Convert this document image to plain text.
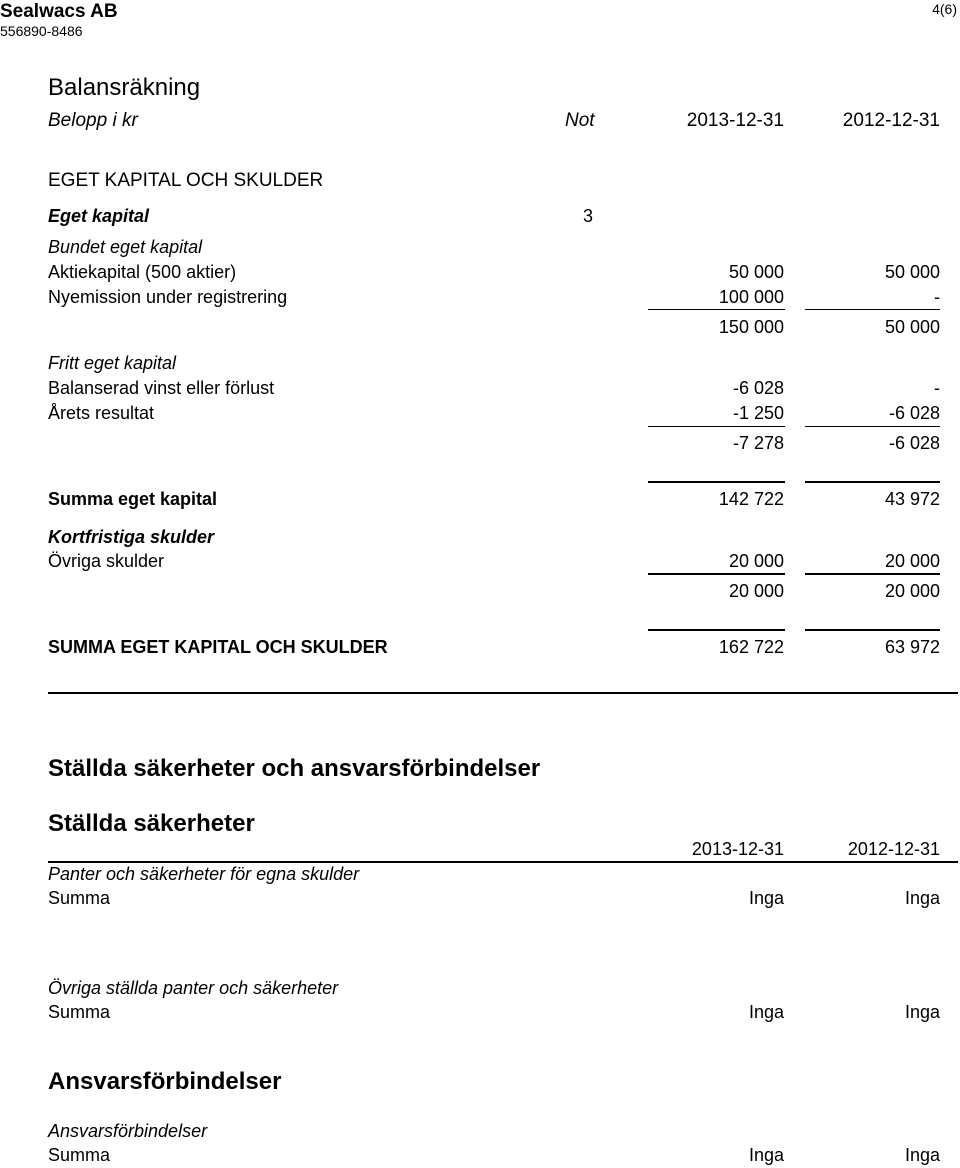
Sealwacs AB
556890-8486
4(6)
Balansräkning
Belopp i kr	Not	2013-12-31	2012-12-31
EGET KAPITAL OCH SKULDER
Eget kapital	3
Bundet eget kapital
Aktiekapital (500 aktier)	50 000	50 000
Nyemission under registrering	100 000	-
150 000	50 000
Fritt eget kapital
Balanserad vinst eller förlust	-6 028	-
Årets resultat	-1 250	-6 028
-7 278	-6 028
Summa eget kapital	142 722	43 972
Kortfristiga skulder
Övriga skulder	20 000	20 000
20 000	20 000
SUMMA EGET KAPITAL OCH SKULDER	162 722	63 972
Ställda säkerheter och ansvarsförbindelser
Ställda säkerheter
2013-12-31	2012-12-31
Panter och säkerheter för egna skulder
Summa	Inga	Inga
Övriga ställda panter och säkerheter
Summa	Inga	Inga
Ansvarsförbindelser
Ansvarsförbindelser
Summa	Inga	Inga
